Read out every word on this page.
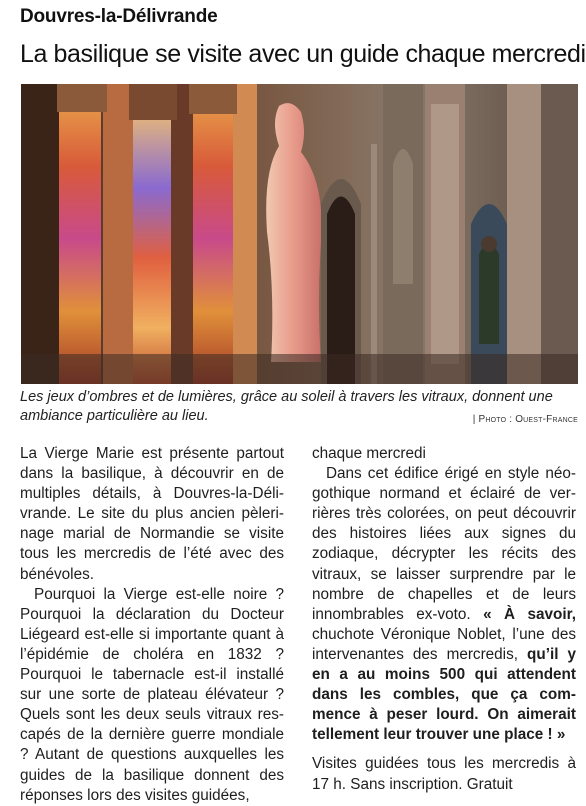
Douvres-la-Délivrande
La basilique se visite avec un guide chaque mercredi
Les jeux d’ombres et de lumières, grâce au soleil à travers les vitraux, donnent une ambiance particulière au lieu.	| Photo : Ouest-France

La Vierge Marie est présente partout dans la basilique, à découvrir en de multiples détails, à Douvres-la-Délivrande. Le site du plus ancien pèlerinage marial de Normandie se visite tous les mercredis de l’été avec des bénévoles.

Pourquoi la Vierge est-elle noire ? Pourquoi la déclaration du Docteur Liégeard est-elle si importante quant à l’épidémie de choléra en 1832 ? Pourquoi le tabernacle est-il installé sur une sorte de plateau élévateur ? Quels sont les deux seuls vitraux rescapés de la dernière guerre mondiale ? Autant de questions auxquelles les guides de la basilique donnent des réponses lors des visites guidées,

chaque mercredi

Dans cet édifice érigé en style néogothique normand et éclairé de verrières très colorées, on peut découvrir des histoires liées aux signes du zodiaque, décrypter les récits des vitraux, se laisser surprendre par le nombre de chapelles et de leurs innombrables ex-voto. « À savoir, chuchote Véronique Noblet, l’une des intervenantes des mercredis, qu’il y en a au moins 500 qui attendent dans les combles, que ça commence à peser lourd. On aimerait tellement leur trouver une place ! »

Visites guidées tous les mercredis à 17 h. Sans inscription. Gratuit
